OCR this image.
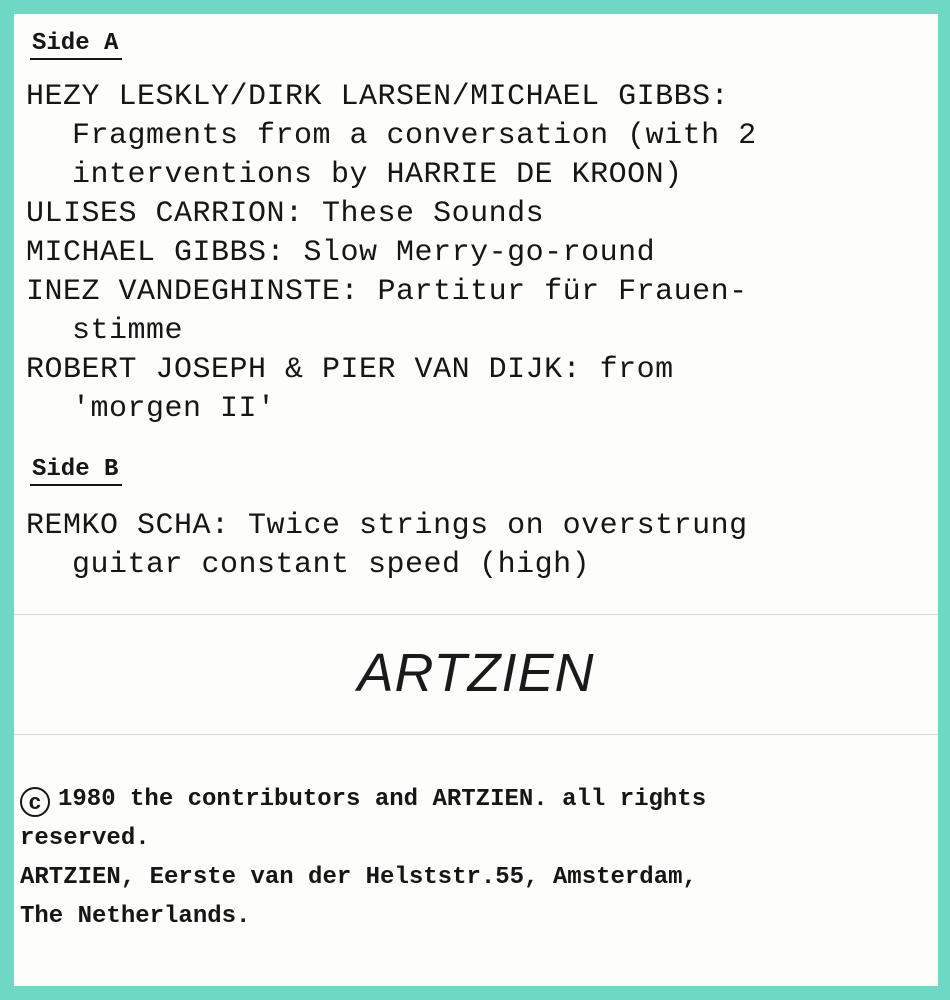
Side A
HEZY LESKLY/DIRK LARSEN/MICHAEL GIBBS:
Fragments from a conversation (with 2
interventions by HARRIE DE KROON)
ULISES CARRION: These Sounds
MICHAEL GIBBS: Slow Merry-go-round
INEZ VANDEGHINSTE: Partitur für Frauen-
stimme
ROBERT JOSEPH & PIER VAN DIJK: from
'morgen II'
Side B
REMKO SCHA: Twice strings on overstrung
guitar constant speed (high)
ARTZIEN
c 1980 the contributors and ARTZIEN. all rights
reserved.
ARTZIEN, Eerste van der Helststr.55, Amsterdam,
The Netherlands.
